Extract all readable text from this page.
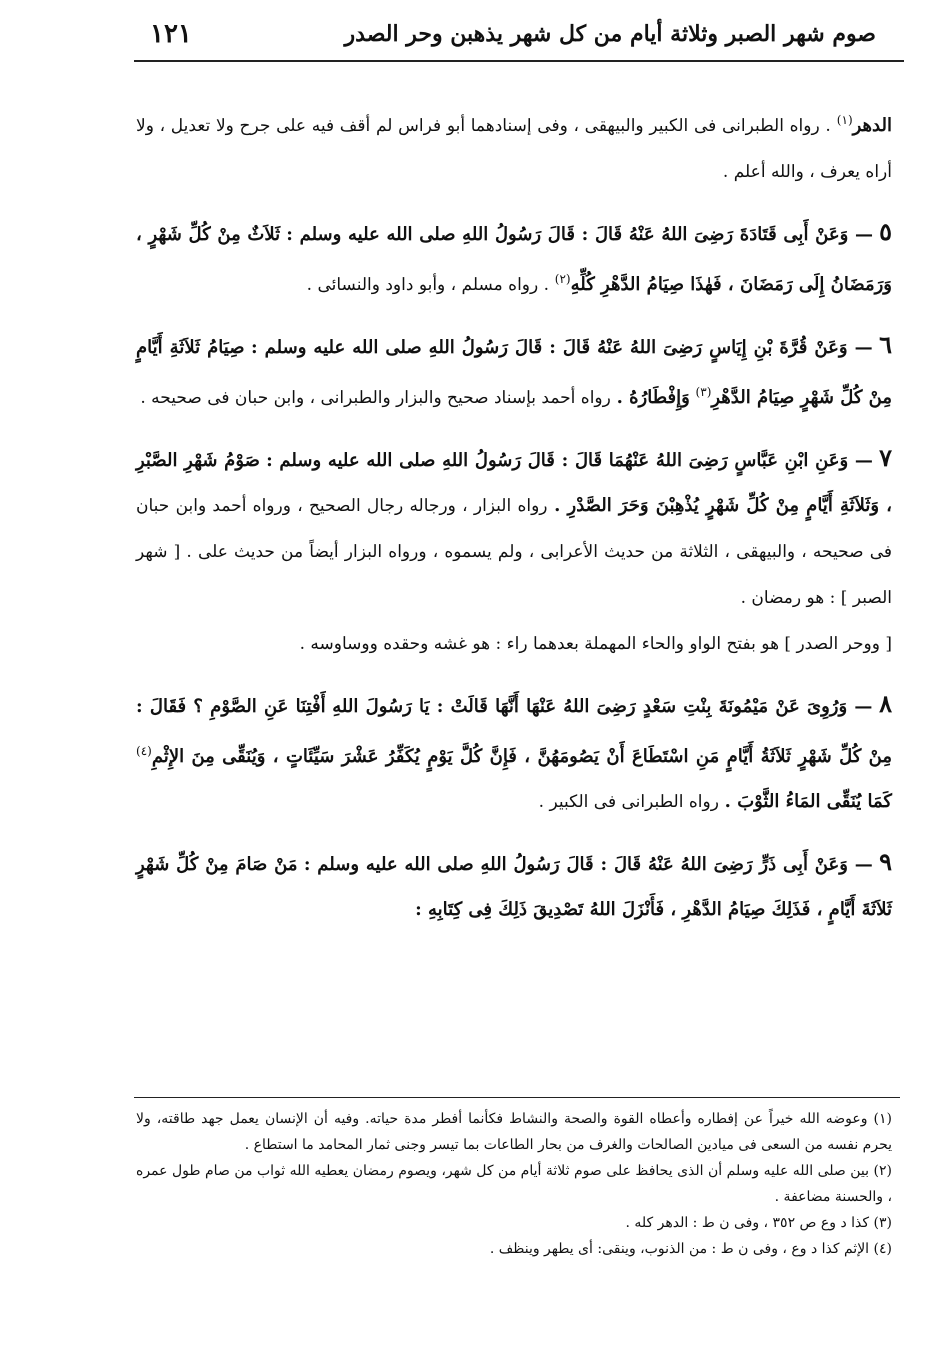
صوم شهر الصبر وثلاثة أيام من كل شهر يذهبن وحر الصدر
١٢١

الدهر$^{(١)}$ . رواه الطبرانى فى الكبير والبيهقى ، وفى إسنادهما أبو فراس لم أقف فيه على جرح ولا تعديل ، ولا أراه يعرف ، والله أعلم .

٥ — وَعَنْ أَبِى قَتَادَةَ رَضِىَ اللهُ عَنْهُ قَالَ : قَالَ رَسُولُ اللهِ صلى الله عليه وسلم : ثَلاَثٌ مِنْ كُلِّ شَهْرٍ ، وَرَمَضَانُ إِلَى رَمَضَانَ ، فَهٰذَا صِيَامُ الدَّهْرِ كُلِّهِ$^{(٢)}$ . رواه مسلم ، وأبو داود والنسائى .

٦ — وَعَنْ قُرَّةَ بْنِ إِيَاسٍ رَضِىَ اللهُ عَنْهُ قَالَ : قَالَ رَسُولُ اللهِ صلى الله عليه وسلم : صِيَامُ ثَلاَثَةِ أَيَّامٍ مِنْ كُلِّ شَهْرٍ صِيَامُ الدَّهْرِ$^{(٣)}$ وَإِفْطَارُهُ . رواه أحمد بإسناد صحيح والبزار والطبرانى ، وابن حبان فى صحيحه .

٧ — وَعَنِ ابْنِ عَبَّاسٍ رَضِىَ اللهُ عَنْهُمَا قَالَ : قَالَ رَسُولُ اللهِ صلى الله عليه وسلم : صَوْمُ شَهْرِ الصَّبْرِ ، وَثَلاَثَةِ أَيَّامٍ مِنْ كُلِّ شَهْرٍ يُذْهِبْنَ وَحَرَ الصَّدْرِ . رواه البزار ، ورجاله رجال الصحيح ، ورواه أحمد وابن حبان فى صحيحه ، والبيهقى ، الثلاثة من حديث الأعرابى ، ولم يسموه ، ورواه البزار أيضاً من حديث على . [ شهر الصبر ] : هو رمضان .

[ ووحر الصدر ] هو بفتح الواو والحاء المهملة بعدهما راء : هو غشه وحقده ووساوسه .

٨ — وَرُوِىَ عَنْ مَيْمُونَةَ بِنْتِ سَعْدٍ رَضِىَ اللهُ عَنْهَا أَنَّهَا قَالَتْ : يَا رَسُولَ اللهِ أَفْتِنَا عَنِ الصَّوْمِ ؟ فَقَالَ : مِنْ كُلِّ شَهْرٍ ثَلاَثَةُ أَيَّامٍ مَنِ اسْتَطَاعَ أَنْ يَصُومَهُنَّ ، فَإِنَّ كُلَّ يَوْمٍ يُكَفِّرُ عَشْرَ سَيِّئَاتٍ ، وَيُنَقِّى مِنَ الإِثْمِ$^{(٤)}$ كَمَا يُنَقِّى المَاءُ الثَّوْبَ . رواه الطبرانى فى الكبير .

٩ — وَعَنْ أَبِى ذَرٍّ رَضِىَ اللهُ عَنْهُ قَالَ : قَالَ رَسُولُ اللهِ صلى الله عليه وسلم : مَنْ صَامَ مِنْ كُلِّ شَهْرٍ ثَلاَثَةَ أَيَّامٍ ، فَذَلِكَ صِيَامُ الدَّهْرِ ، فَأَنْزَلَ اللهُ تَصْدِيقَ ذَلِكَ فِى كِتَابِهِ :

(١) وعوضه الله خيراً عن إفطاره وأعطاه القوة والصحة والنشاط فكأنما أفطر مدة حياته. وفيه أن الإنسان يعمل جهد طاقته، ولا يحرم نفسه من السعى فى ميادين الصالحات والغرف من بحار الطاعات بما تيسر وجنى ثمار المحامد ما استطاع .

(٢) بين صلى الله عليه وسلم أن الذى يحافظ على صوم ثلاثة أيام من كل شهر، ويصوم رمضان يعطيه الله ثواب من صام طول عمره ، والحسنة مضاعفة .

(٣) كذا د وع ص ٣٥٢ ، وفى ن ط : الدهر كله .

(٤) الإثم كذا د وع ، وفى ن ط : من الذنوب، وينقى: أى يطهر وينظف .
